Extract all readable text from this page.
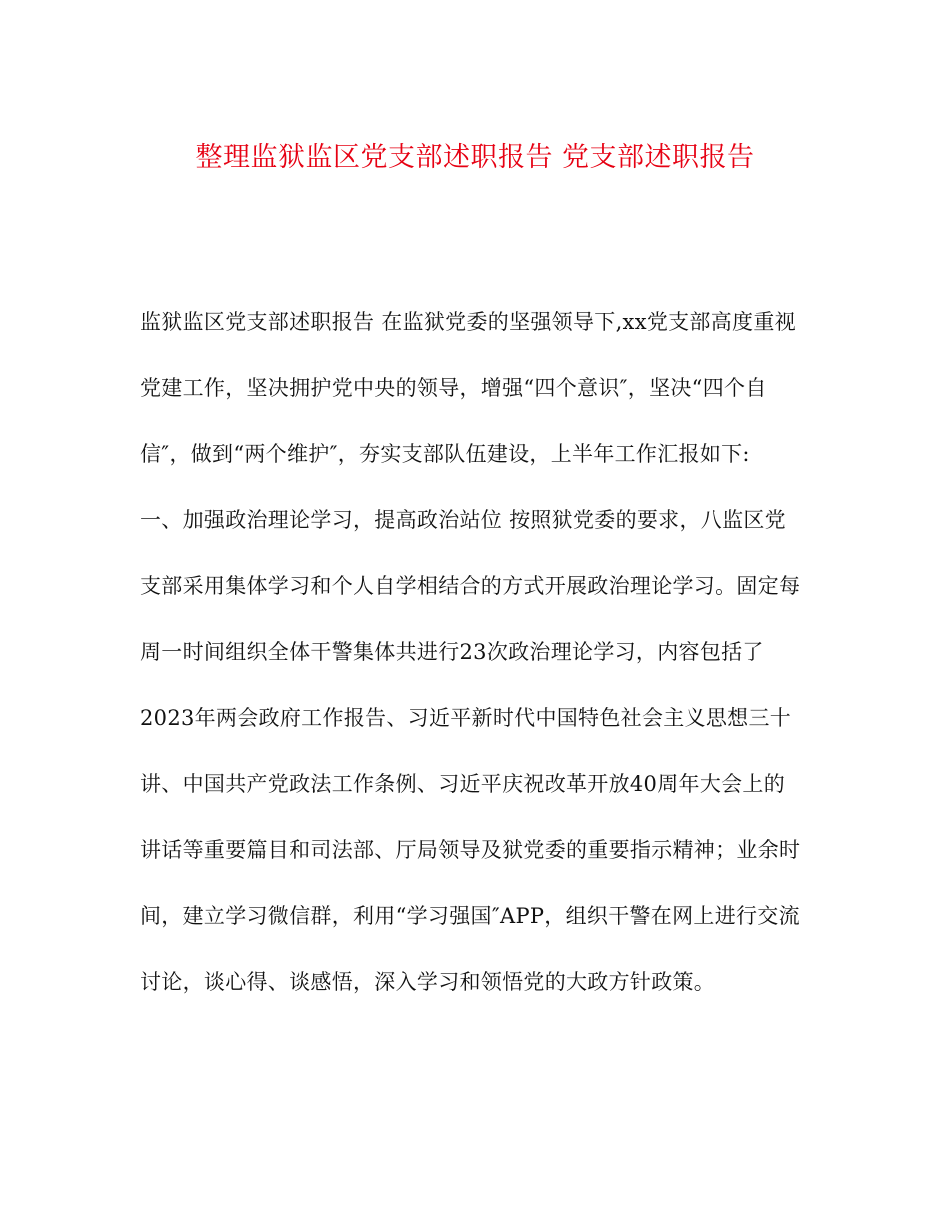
整理监狱监区党支部述职报告 党支部述职报告
监狱监区党支部述职报告 在监狱党委的坚强领导下,xx党支部高度重视
党建工作，坚决拥护党中央的领导，增强“四个意识″，坚决“四个自
信″，做到“两个维护″，夯实支部队伍建设，上半年工作汇报如下:
一、加强政治理论学习，提高政治站位 按照狱党委的要求，八监区党
支部采用集体学习和个人自学相结合的方式开展政治理论学习。固定每
周一时间组织全体干警集体共进行23次政治理论学习，内容包括了
2023年两会政府工作报告、习近平新时代中国特色社会主义思想三十
讲、中国共产党政法工作条例、习近平庆祝改革开放40周年大会上的
讲话等重要篇目和司法部、厅局领导及狱党委的重要指示精神；业余时
间，建立学习微信群，利用“学习强国″APP，组织干警在网上进行交流
讨论，谈心得、谈感悟，深入学习和领悟党的大政方针政策。
